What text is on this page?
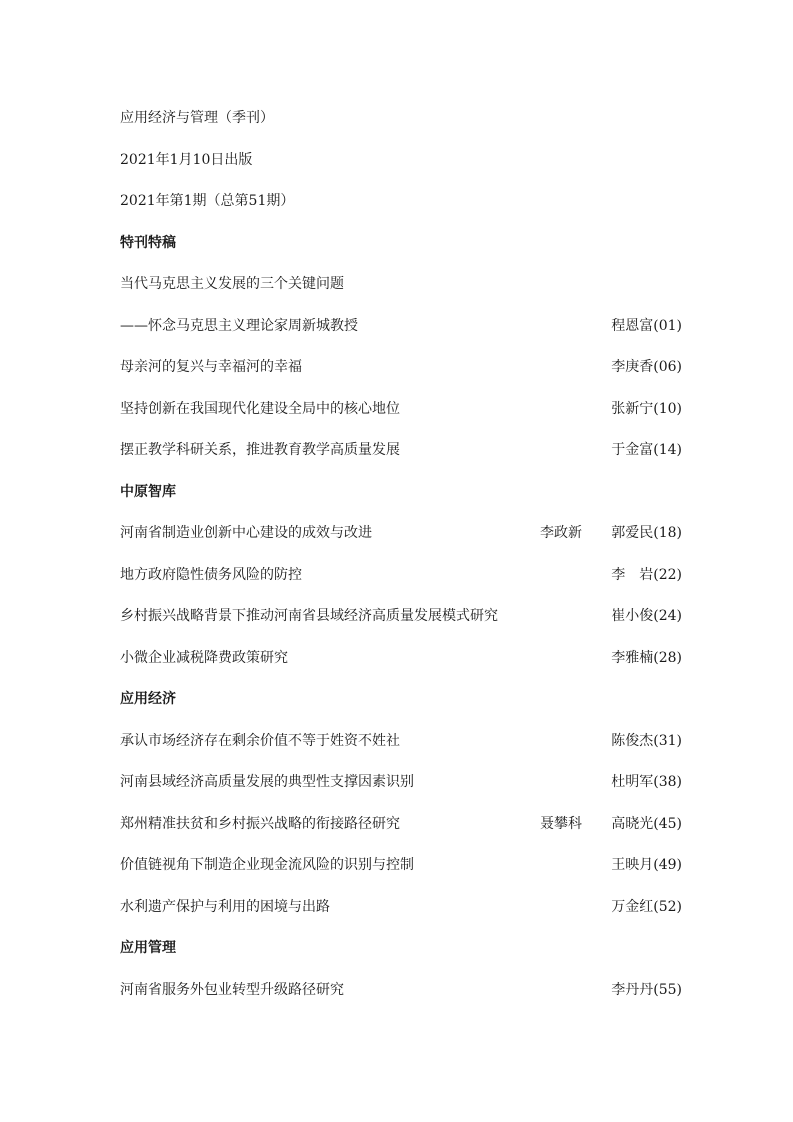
应用经济与管理（季刊）
2021年1月10日出版
2021年第1期（总第51期）
特刊特稿
当代马克思主义发展的三个关键问题
——怀念马克思主义理论家周新城教授	程恩富(01)
母亲河的复兴与幸福河的幸福	李庚香(06)
坚持创新在我国现代化建设全局中的核心地位	张新宁(10)
摆正教学科研关系，推进教育教学高质量发展	于金富(14)
中原智库
河南省制造业创新中心建设的成效与改进	李政新 郭爱民(18)
地方政府隐性债务风险的防控	李　岩(22)
乡村振兴战略背景下推动河南省县域经济高质量发展模式研究	崔小俊(24)
小微企业减税降费政策研究	李雅楠(28)
应用经济
承认市场经济存在剩余价值不等于姓资不姓社	陈俊杰(31)
河南县域经济高质量发展的典型性支撑因素识别	杜明军(38)
郑州精准扶贫和乡村振兴战略的衔接路径研究	聂攀科 高晓光(45)
价值链视角下制造企业现金流风险的识别与控制	王映月(49)
水利遗产保护与利用的困境与出路	万金红(52)
应用管理
河南省服务外包业转型升级路径研究	李丹丹(55)
